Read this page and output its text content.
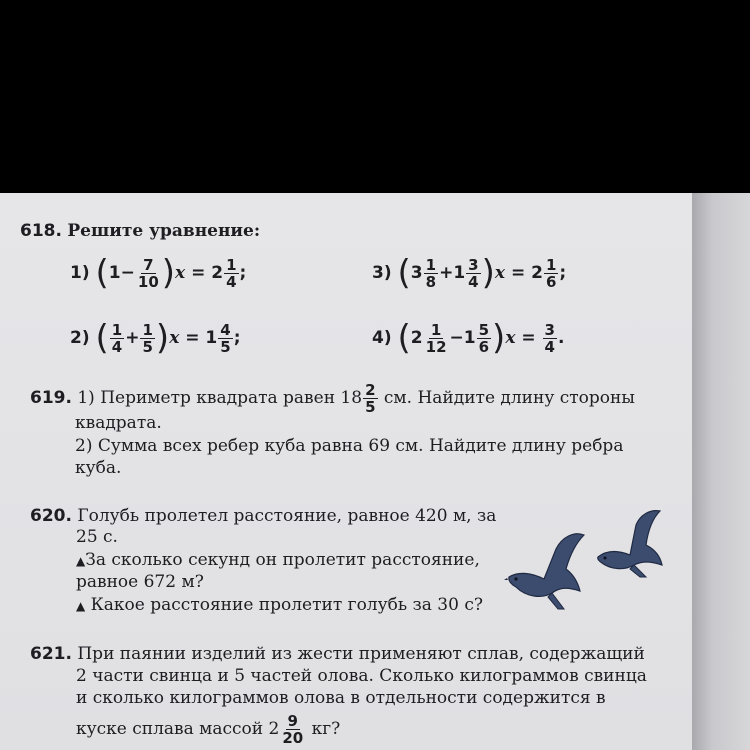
618. Решите уравнение:
1)
( $1 - \frac{7}{10}$ ) x
=
$2 \frac{1}{4}$ ;
2)
( $\frac{1}{4} + \frac{1}{5}$ ) x
=
$1 \frac{4}{5}$ ;
3)
( $3 \frac{1}{8} + 1 \frac{3}{4}$ ) x
=
$2 \frac{1}{6}$ ;
4)
( $2 \frac{1}{12} - 1 \frac{5}{6}$ ) x
=
$\frac{3}{4}$ .
619.
1) Периметр квадрата равен $18 \frac{2}{5}$
см. Найдите длину стороны
квадрата.
2) Сумма всех ребер куба равна 69 см. Найдите длину ребра
куба.
620. Голубь пролетел расстояние, равное 420 м, за
25 с.
▲За сколько секунд он пролетит расстояние,
равное 672 м?
▲ Какое расстояние пролетит голубь за 30 с?
621. При паянии изделий из жести применяют сплав, содержащий
2 части свинца и 5 частей олова. Сколько килограммов свинца
и сколько килограммов олова в отдельности содержится в
куске сплава массой $2 \frac{9}{20}$
кг?
